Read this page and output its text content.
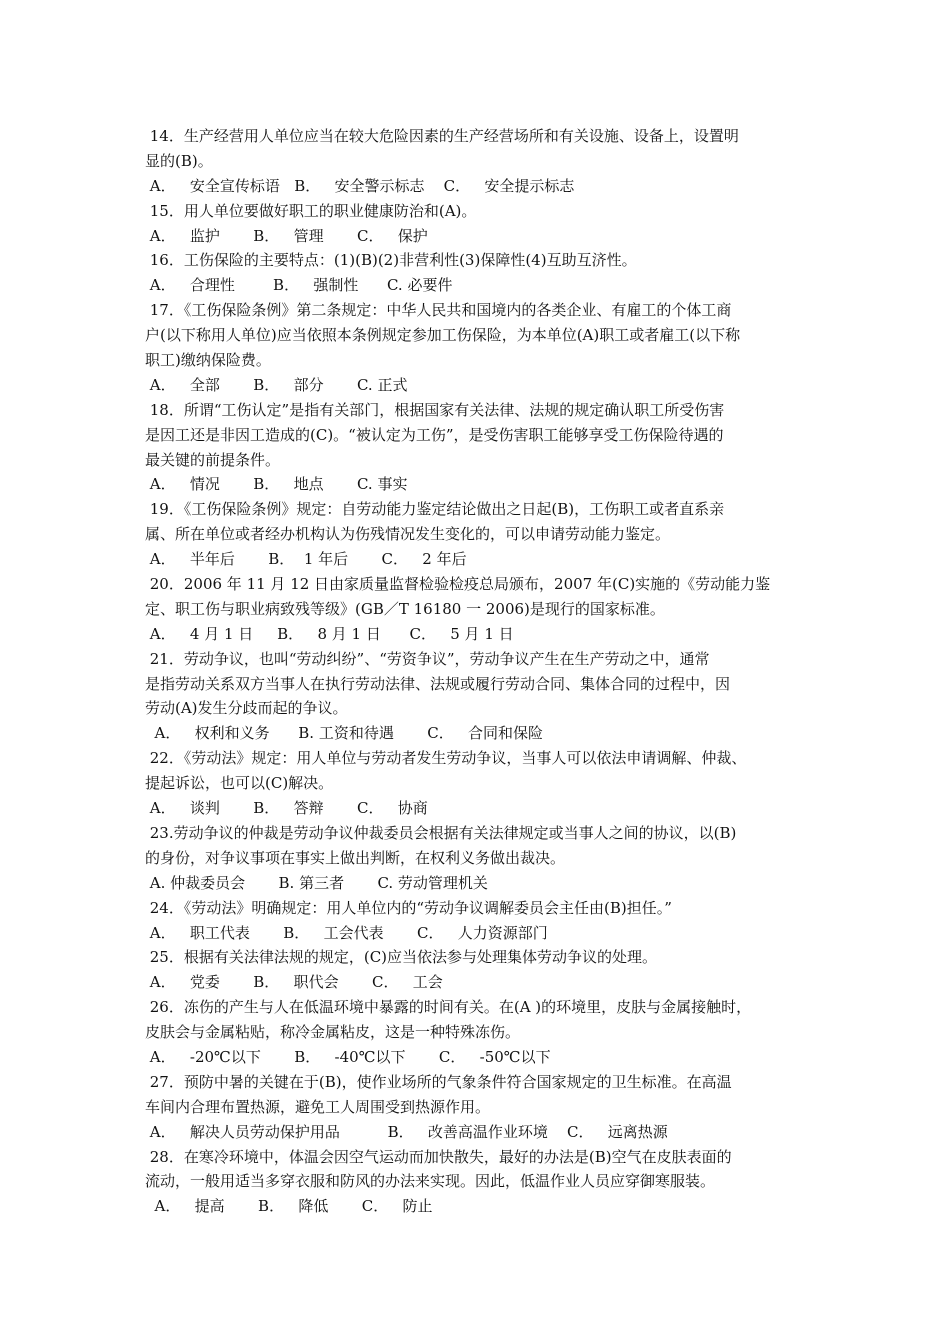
14．生产经营用人单位应当在较大危险因素的生产经营场所和有关设施、设备上，设置明
显的(B)。
A．   安全宣传标语   B．   安全警示标志    C．   安全提示标志
15．用人单位要做好职工的职业健康防治和(A)。
A．   监护       B．   管理       C．   保护
16．工伤保险的主要特点：(1)(B)(2)非营利性(3)保障性(4)互助互济性。
A．   合理性        B．   强制性      C. 必要件
17．《工伤保险条例》第二条规定：中华人民共和国境内的各类企业、有雇工的个体工商
户(以下称用人单位)应当依照本条例规定参加工伤保险，为本单位(A)职工或者雇工(以下称
职工)缴纳保险费。
A．   全部       B．   部分       C. 正式
18．所谓“工伤认定”是指有关部门，根据国家有关法律、法规的规定确认职工所受伤害
是因工还是非因工造成的(C)。“被认定为工伤”，是受伤害职工能够享受工伤保险待遇的
最关键的前提条件。
A．   情况       B．   地点       C. 事实
19．《工伤保险条例》规定：自劳动能力鉴定结论做出之日起(B)，工伤职工或者直系亲
属、所在单位或者经办机构认为伤残情况发生变化的，可以申请劳动能力鉴定。
A．   半年后       B．  1 年后       C．   2 年后
20．2006 年 11 月 12 日由家质量监督检验检疫总局颁布，2007 年(C)实施的《劳动能力鉴
定、职工伤与职业病致残等级》(GB／T 16180 一 2006)是现行的国家标准。
A．   4 月 1 日     B．   8 月 1 日      C．   5 月 1 日
21．劳动争议，也叫“劳动纠纷”、“劳资争议”，劳动争议产生在生产劳动之中，通常
是指劳动关系双方当事人在执行劳动法律、法规或履行劳动合同、集体合同的过程中，因
劳动(A)发生分歧而起的争议。
A．   权利和义务      B. 工资和待遇       C．   合同和保险
22．《劳动法》规定：用人单位与劳动者发生劳动争议，当事人可以依法申请调解、仲裁、
提起诉讼，也可以(C)解决。
A．   谈判       B．   答辩       C．   协商
23.劳动争议的仲裁是劳动争议仲裁委员会根据有关法律规定或当事人之间的协议，以(B)
的身份，对争议事项在事实上做出判断，在权利义务做出裁决。
A. 仲裁委员会       B. 第三者       C. 劳动管理机关
24．《劳动法》明确规定：用人单位内的“劳动争议调解委员会主任由(B)担任。”
A．   职工代表       B．   工会代表       C．   人力资源部门
25．根据有关法律法规的规定，(C)应当依法参与处理集体劳动争议的处理。
A．   党委       B．   职代会       C．   工会
26．冻伤的产生与人在低温环境中暴露的时间有关。在(A )的环境里，皮肤与金属接触时，
皮肤会与金属粘贴，称冷金属粘皮，这是一种特殊冻伤。
A．   -20℃以下       B．   -40℃以下       C．   -50℃以下
27．预防中暑的关键在于(B)，使作业场所的气象条件符合国家规定的卫生标准。在高温
车间内合理布置热源，避免工人周围受到热源作用。
A．   解决人员劳动保护用品          B．   改善高温作业环境    C．   远离热源
28．在寒冷环境中，体温会因空气运动而加快散失，最好的办法是(B)空气在皮肤表面的
流动，一般用适当多穿衣服和防风的办法来实现。因此，低温作业人员应穿御寒服装。
A．   提高       B．   降低       C．   防止
